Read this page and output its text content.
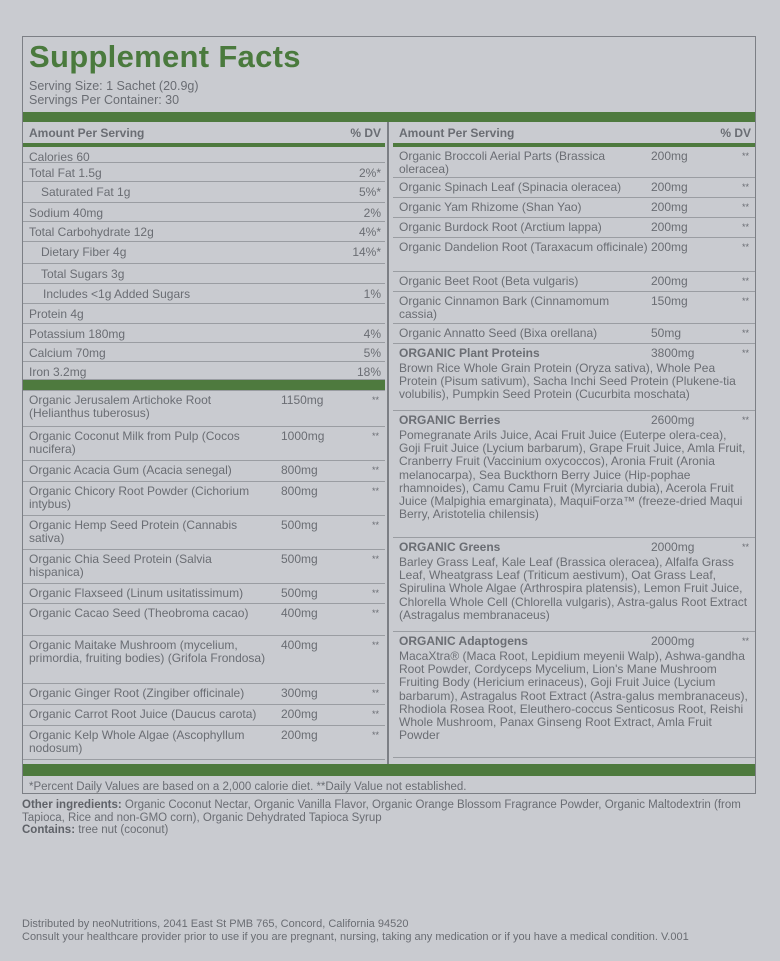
Supplement Facts
Serving Size: 1 Sachet (20.9g)
Servings Per Container: 30
Amount Per Serving	% DV
Calories 60
Total Fat 1.5g	2%*
Saturated Fat 1g	5%*
Sodium 40mg	2%
Total Carbohydrate 12g	4%*
Dietary Fiber 4g	14%*
Total Sugars 3g
Includes <1g Added Sugars	1%
Protein 4g
Potassium 180mg	4%
Calcium 70mg	5%
Iron 3.2mg	18%
Organic Jerusalem Artichoke Root (Helianthus tuberosus)
1150mg	**
Organic Coconut Milk from Pulp (Cocos nucifera)
1000mg	**
Organic Acacia Gum (Acacia senegal)	800mg	**
Organic Chicory Root Powder (Cichorium intybus)
800mg	**
Organic Hemp Seed Protein (Cannabis sativa)
500mg	**
Organic Chia Seed Protein (Salvia hispanica)
500mg	**
Organic Flaxseed (Linum usitatissimum)	500mg	**
Organic Cacao Seed (Theobroma cacao)	400mg	**
Organic Maitake Mushroom (mycelium, primordia, fruiting bodies) (Grifola Frondosa)
400mg	**
Organic Ginger Root (Zingiber officinale)	300mg	**
Organic Carrot Root Juice (Daucus carota)	200mg	**
Organic Kelp Whole Algae (Ascophyllum nodosum)
200mg	**
Amount Per Serving	% DV
Organic Broccoli Aerial Parts (Brassica oleracea)
200mg	**
Organic Spinach Leaf (Spinacia oleracea)	200mg	**
Organic Yam Rhizome (Shan Yao)	200mg	**
Organic Burdock Root (Arctium lappa)	200mg	**
Organic Dandelion Root (Taraxacum officinale) 200mg	**
Organic Beet Root (Beta vulgaris)	200mg	**
Organic Cinnamon Bark (Cinnamomum cassia)
150mg	**
Organic Annatto Seed (Bixa orellana)	50mg	**
ORGANIC Plant Proteins	3800mg	**
Brown Rice Whole Grain Protein (Oryza sativa), Whole Pea Protein (Pisum sativum), Sacha Inchi Seed Protein (Plukene-tia volubilis), Pumpkin Seed Protein (Cucurbita moschata)
ORGANIC Berries	2600mg	**
Pomegranate Arils Juice, Acai Fruit Juice (Euterpe olera-cea), Goji Fruit Juice (Lycium barbarum), Grape Fruit Juice, Amla Fruit, Cranberry Fruit (Vaccinium oxycoccos), Aronia Fruit (Aronia melanocarpa), Sea Buckthorn Berry Juice (Hip-pophae rhamnoides), Camu Camu Fruit (Myrciaria dubia), Acerola Fruit Juice (Malpighia emarginata), MaquiForza™ (freeze-dried Maqui Berry, Aristotelia chilensis)
ORGANIC Greens	2000mg	**
Barley Grass Leaf, Kale Leaf (Brassica oleracea), Alfalfa Grass Leaf, Wheatgrass Leaf (Triticum aestivum), Oat Grass Leaf, Spirulina Whole Algae (Arthrospira platensis), Lemon Fruit Juice, Chlorella Whole Cell (Chlorella vulgaris), Astra-galus Root Extract (Astragalus membranaceus)
ORGANIC Adaptogens	2000mg	**
MacaXtra® (Maca Root, Lepidium meyenii Walp), Ashwa-gandha Root Powder, Cordyceps Mycelium, Lion's Mane Mushroom Fruiting Body (Hericium erinaceus), Goji Fruit Juice (Lycium barbarum), Astragalus Root Extract (Astra-galus membranaceus), Rhodiola Rosea Root, Eleuthero-coccus Senticosus Root, Reishi Whole Mushroom, Panax Ginseng Root Extract, Amla Fruit Powder
*Percent Daily Values are based on a 2,000 calorie diet. **Daily Value not established.
Other ingredients: Organic Coconut Nectar, Organic Vanilla Flavor, Organic Orange Blossom Fragrance Powder, Organic Maltodextrin (from Tapioca, Rice and non-GMO corn), Organic Dehydrated Tapioca Syrup
Contains: tree nut (coconut)
Distributed by neoNutritions, 2041 East St PMB 765, Concord, California 94520
Consult your healthcare provider prior to use if you are pregnant, nursing, taking any medication or if you have a medical condition. V.001
